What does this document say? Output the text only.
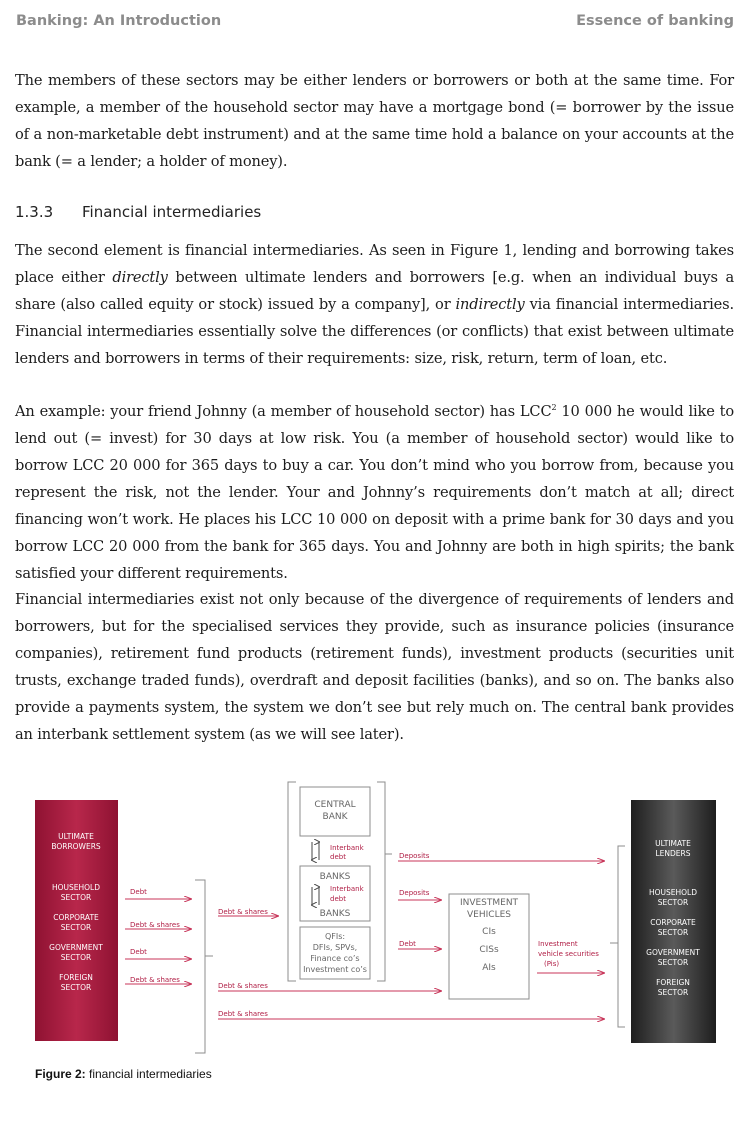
Banking: An Introduction	Essence of banking

The members of these sectors may be either lenders or borrowers or both at the same time. For example, a member of the household sector may have a mortgage bond (= borrower by the issue of a non-marketable debt instrument) and at the same time hold a balance on your accounts at the bank (= a lender; a holder of money).

1.3.3 Financial intermediaries

The second element is financial intermediaries. As seen in Figure 1, lending and borrowing takes place either directly between ultimate lenders and borrowers [e.g. when an individual buys a share (also called equity or stock) issued by a company], or indirectly via financial intermediaries. Financial intermediaries essentially solve the differences (or conflicts) that exist between ultimate lenders and borrowers in terms of their requirements: size, risk, return, term of loan, etc.

An example: your friend Johnny (a member of household sector) has LCC$^2$ 10 000 he would like to lend out (= invest) for 30 days at low risk. You (a member of household sector) would like to borrow LCC 20 000 for 365 days to buy a car. You don’t mind who you borrow from, because you represent the risk, not the lender. Your and Johnny’s requirements don’t match at all; direct financing won’t work. He places his LCC 10 000 on deposit with a prime bank for 30 days and you borrow LCC 20 000 from the bank for 365 days. You and Johnny are both in high spirits; the bank satisfied your different requirements.

Financial intermediaries exist not only because of the divergence of requirements of lenders and borrowers, but for the specialised services they provide, such as insurance policies (insurance companies), retirement fund products (retirement funds), investment products (securities unit trusts, exchange traded funds), overdraft and deposit facilities (banks), and so on. The banks also provide a payments system, the system we don’t see but rely much on. The central bank provides an interbank settlement system (as we will see later).

ULTIMATE
BORROWERS
HOUSEHOLD
SECTOR
CORPORATE
SECTOR
GOVERNMENT
SECTOR
FOREIGN
SECTOR
ULTIMATE
LENDERS
HOUSEHOLD
SECTOR
CORPORATE
SECTOR
GOVERNMENT
SECTOR
FOREIGN
SECTOR
Debt
Debt & shares
Debt
Debt & shares
Debt & shares
Debt & shares
Debt & shares
Deposits
Deposits
Debt	Investment
vehicle securities
(Pis)
Interbank
debt
Interbank
debt
CENTRAL
BANK
BANKS
BANKS
INVESTMENT
VEHICLES
CIs
CISs
AIs
QFIs:
DFIs, SPVs,
Finance co’s
Investment co’s
Figure 2: financial intermediaries
